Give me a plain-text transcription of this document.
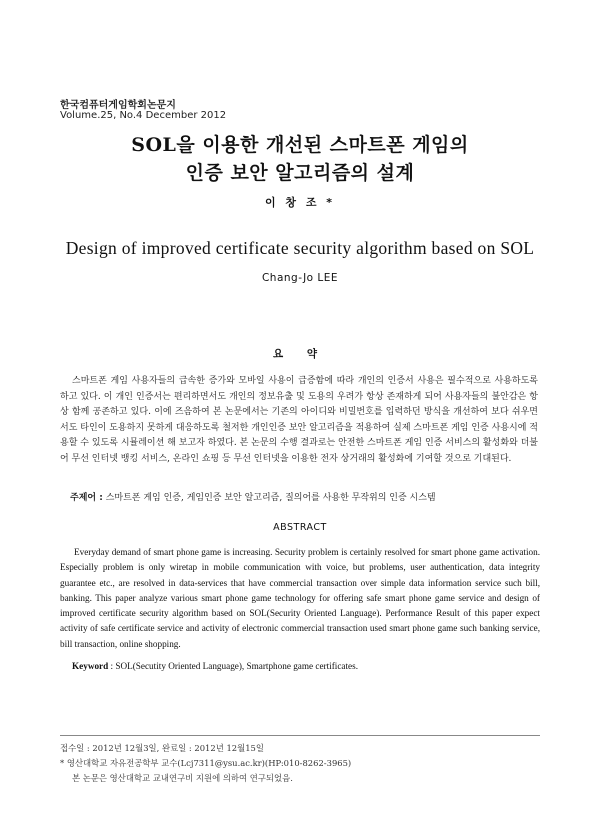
한국컴퓨터게임학회논문지
Volume.25, No.4 December 2012
SOL을 이용한 개선된 스마트폰 게임의
인증 보안 알고리즘의 설계
이 창 조 *
Design of improved certificate security algorithm based on SOL
Chang-Jo LEE
요 약

스마트폰 게임 사용자들의 급속한 증가와 모바일 사용이 급증함에 따라 개인의 인증서 사용은 필수적으로 사용하도록 하고 있다. 이 개인 인증서는 편리하면서도 개인의 정보유출 및 도용의 우려가 항상 존재하게 되어 사용자들의 불안감은 항상 함께 공존하고 있다. 이에 즈음하여 본 논문에서는 기존의 아이디와 비밀번호를 입력하던 방식을 개선하여 보다 쉬우면서도 타인이 도용하지 못하게 대응하도록 철저한 개인인증 보안 알고리즘을 적용하여 실제 스마트폰 게임 인증 사용시에 적용할 수 있도록 시뮬레이션 해 보고자 하였다. 본 논문의 수행 결과로는 안전한 스마트폰 게임 인증 서비스의 활성화와 더불어 무선 인터넷 뱅킹 서비스, 온라인 쇼핑 등 무선 인터넷을 이용한 전자 상거래의 활성화에 기여할 것으로 기대된다.

주제어 : 스마트폰 게임 인증, 게임인증 보안 알고리즘, 질의어를 사용한 무작위의 인증 시스템
ABSTRACT

Everyday demand of smart phone game is increasing. Security problem is certainly resolved for smart phone game activation. Especially problem is only wiretap in mobile communication with voice, but problems, user authentication, data integrity guarantee etc., are resolved in data-services that have commercial transaction over simple data information service such bill, banking. This paper analyze various smart phone game technology for offering safe smart phone game service and design of improved certificate security algorithm based on SOL(Security Oriented Language). Performance Result of this paper expect activity of safe certificate service and activity of electronic commercial transaction used smart phone game such banking service, bill transaction, online shopping.

Keyword : SOL(Secutity Oriented Language), Smartphone game certificates.
접수일 : 2012년 12월3일, 완료일 : 2012년 12월15일
* 영산대학교 자유전공학부 교수(Lcj7311@ysu.ac.kr)(HP:010-8262-3965)
본 논문은 영산대학교 교내연구비 지원에 의하여 연구되었음.
